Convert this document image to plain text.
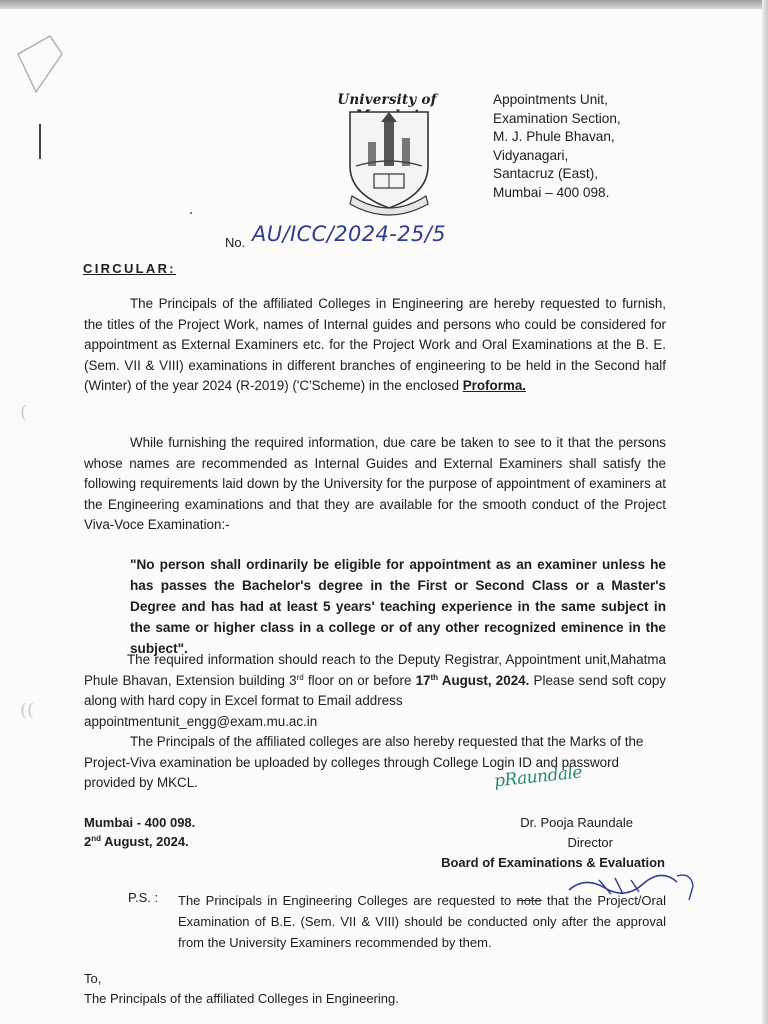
(
((
University of	Appointments Unit,
Examination Section,
M. J. Phule Bhavan,
Vidyanagari,
Santacruz (East),
Mumbai – 400 098.
No. AU/ICC/2024-25/5
CIRCULAR:
The Principals of the affiliated Colleges in Engineering are hereby requested to furnish, the titles of the Project Work, names of Internal guides and persons who could be considered for appointment as External Examiners etc. for the Project Work and Oral Examinations at the B. E. (Sem. VII & VIII) examinations in different branches of engineering to be held in the Second half (Winter) of the year 2024 (R-2019) ('C'Scheme) in the enclosed Proforma.
While furnishing the required information, due care be taken to see to it that the persons whose names are recommended as Internal Guides and External Examiners shall satisfy the following requirements laid down by the University for the purpose of appointment of examiners at the Engineering examinations and that they are available for the smooth conduct of the Project Viva-Voce Examination:-
"No person shall ordinarily be eligible for appointment as an examiner unless he has passes the Bachelor's degree in the First or Second Class or a Master's Degree and has had at least 5 years' teaching experience in the same subject in the same or higher class in a college or of any other recognized eminence in the subject".
The required information should reach to the Deputy Registrar, Appointment unit,Mahatma Phule Bhavan, Extension building 3rd floor on or before 17th August, 2024. Please send soft copy along with hard copy in Excel format to Email address
appointmentunit_engg@exam.mu.ac.in
The Principals of the affiliated colleges are also hereby requested that the Marks of the Project-Viva examination be uploaded by colleges through College Login ID and password provided by MKCL.	pRaundale
Mumbai - 400 098.
2nd August, 2024.
Dr. Pooja Raundale
Director
Board of Examinations & Evaluation
P.S. : The Principals in Engineering Colleges are requested to note that the Project/Oral Examination of B.E. (Sem. VII & VIII) should be conducted only after the approval from the University Examiners recommended by them.
To,
The Principals of the affiliated Colleges in Engineering.
